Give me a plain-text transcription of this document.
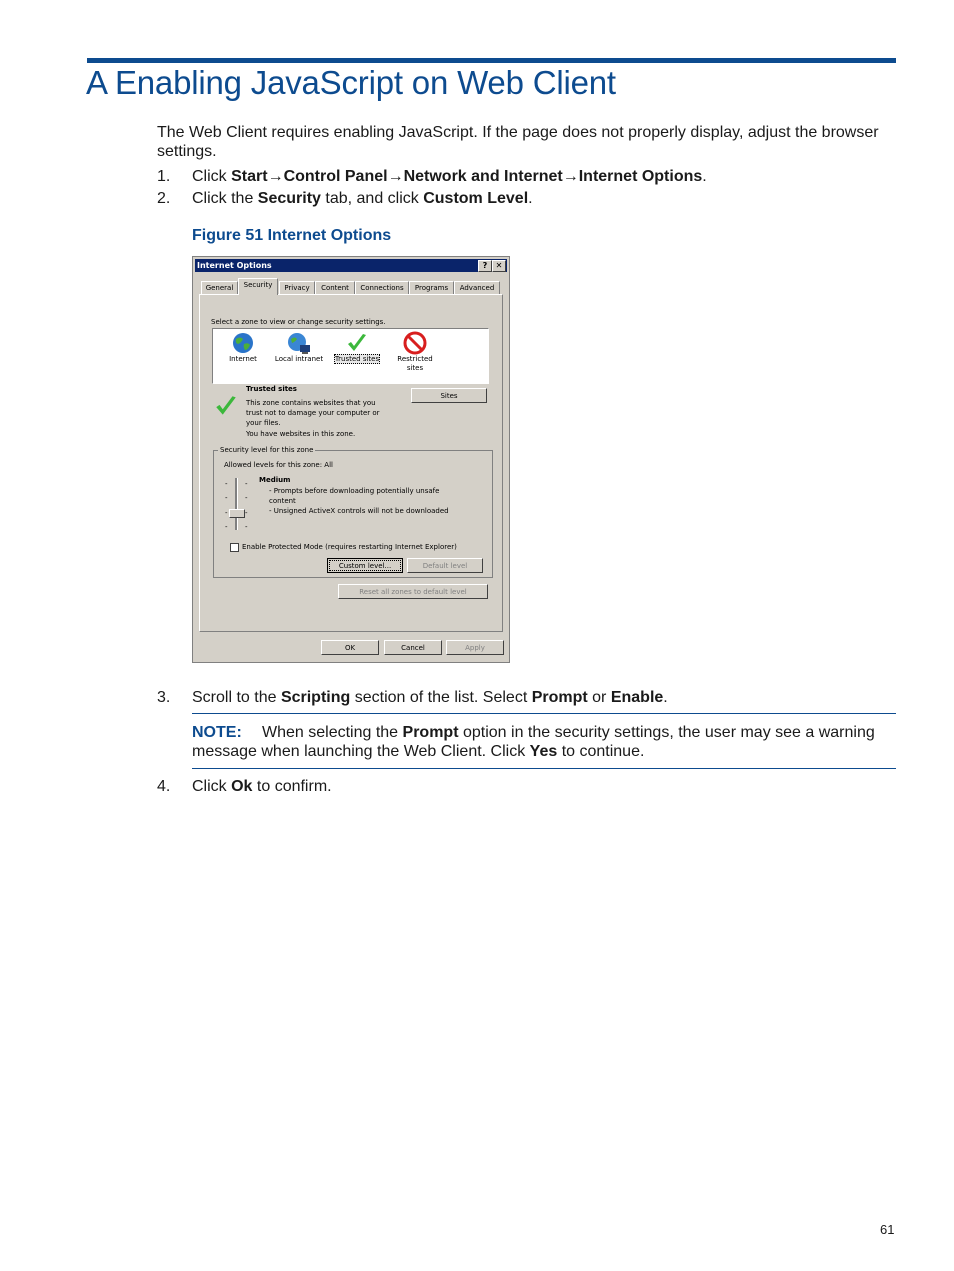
A Enabling JavaScript on Web Client
The Web Client requires enabling JavaScript. If the page does not properly display, adjust the browser settings.
1. Click Start→Control Panel→Network and Internet→Internet Options.
2. Click the Security tab, and click Custom Level.
Figure 51 Internet Options
Internet Options	?	✕
General	Security	Privacy	Content	Connections	Programs	Advanced
Select a zone to view or change security settings.
Internet	Local intranet	Trusted sites	Restricted sites
Trusted sites
This zone contains websites that you
trust not to damage your computer or
your files.
You have websites in this zone.
Sites
Security level for this zone
Allowed levels for this zone: All
-
-
-
-
-
-
-
-
Medium
- Prompts before downloading potentially unsafe
content
- Unsigned ActiveX controls will not be downloaded
Enable Protected Mode (requires restarting Internet Explorer)
Custom level...	Default level
Reset all zones to default level
OK	Cancel	Apply
3. Scroll to the Scripting section of the list. Select Prompt or Enable.
NOTE: When selecting the Prompt option in the security settings, the user may see a warning message when launching the Web Client. Click Yes to continue.
4. Click Ok to confirm.
61
